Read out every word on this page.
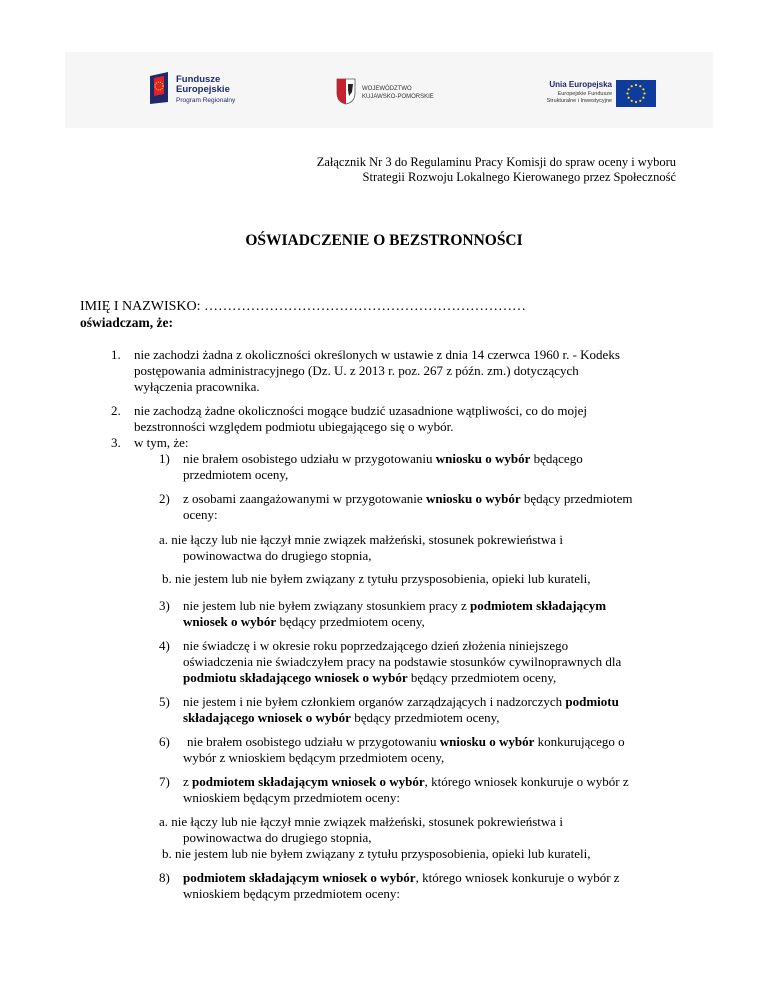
Fundusze
Europejskie
Program Regionalny
WOJEWÓDZTWO
KUJAWSKO-POMORSKIE
Unia Europejska
Europejskie Fundusze
Strukturalne i Inwestycyjne
Załącznik Nr 3 do Regulaminu Pracy Komisji do spraw oceny i wyboru
Strategii Rozwoju Lokalnego Kierowanego przez Społeczność
OŚWIADCZENIE O BEZSTRONNOŚCI
IMIĘ I NAZWISKO: ……………………………………………………………
oświadczam, że:
1. nie zachodzi żadna z okoliczności określonych w ustawie z dnia 14 czerwca 1960 r. - Kodeks
postępowania administracyjnego (Dz. U. z 2013 r. poz. 267 z późn. zm.) dotyczących
wyłączenia pracownika.
2. nie zachodzą żadne okoliczności mogące budzić uzasadnione wątpliwości, co do mojej
bezstronności względem podmiotu ubiegającego się o wybór.
3. w tym, że:
1) nie brałem osobistego udziału w przygotowaniu wniosku o wybór będącego
przedmiotem oceny,
2) z osobami zaangażowanymi w przygotowanie wniosku o wybór będący przedmiotem
oceny:
a. nie łączy lub nie łączył mnie związek małżeński, stosunek pokrewieństwa i
powinowactwa do drugiego stopnia,
b. nie jestem lub nie byłem związany z tytułu przysposobienia, opieki lub kurateli,
3) nie jestem lub nie byłem związany stosunkiem pracy z podmiotem składającym
wniosek o wybór będący przedmiotem oceny,
4) nie świadczę i w okresie roku poprzedzającego dzień złożenia niniejszego
oświadczenia nie świadczyłem pracy na podstawie stosunków cywilnoprawnych dla
podmiotu składającego wniosek o wybór będący przedmiotem oceny,
5) nie jestem i nie byłem członkiem organów zarządzających i nadzorczych podmiotu
składającego wniosek o wybór będący przedmiotem oceny,
6) nie brałem osobistego udziału w przygotowaniu wniosku o wybór konkurującego o
wybór z wnioskiem będącym przedmiotem oceny,
7) z podmiotem składającym wniosek o wybór, którego wniosek konkuruje o wybór z
wnioskiem będącym przedmiotem oceny:
a. nie łączy lub nie łączył mnie związek małżeński, stosunek pokrewieństwa i
powinowactwa do drugiego stopnia,
b. nie jestem lub nie byłem związany z tytułu przysposobienia, opieki lub kurateli,
8) podmiotem składającym wniosek o wybór, którego wniosek konkuruje o wybór z
wnioskiem będącym przedmiotem oceny:
